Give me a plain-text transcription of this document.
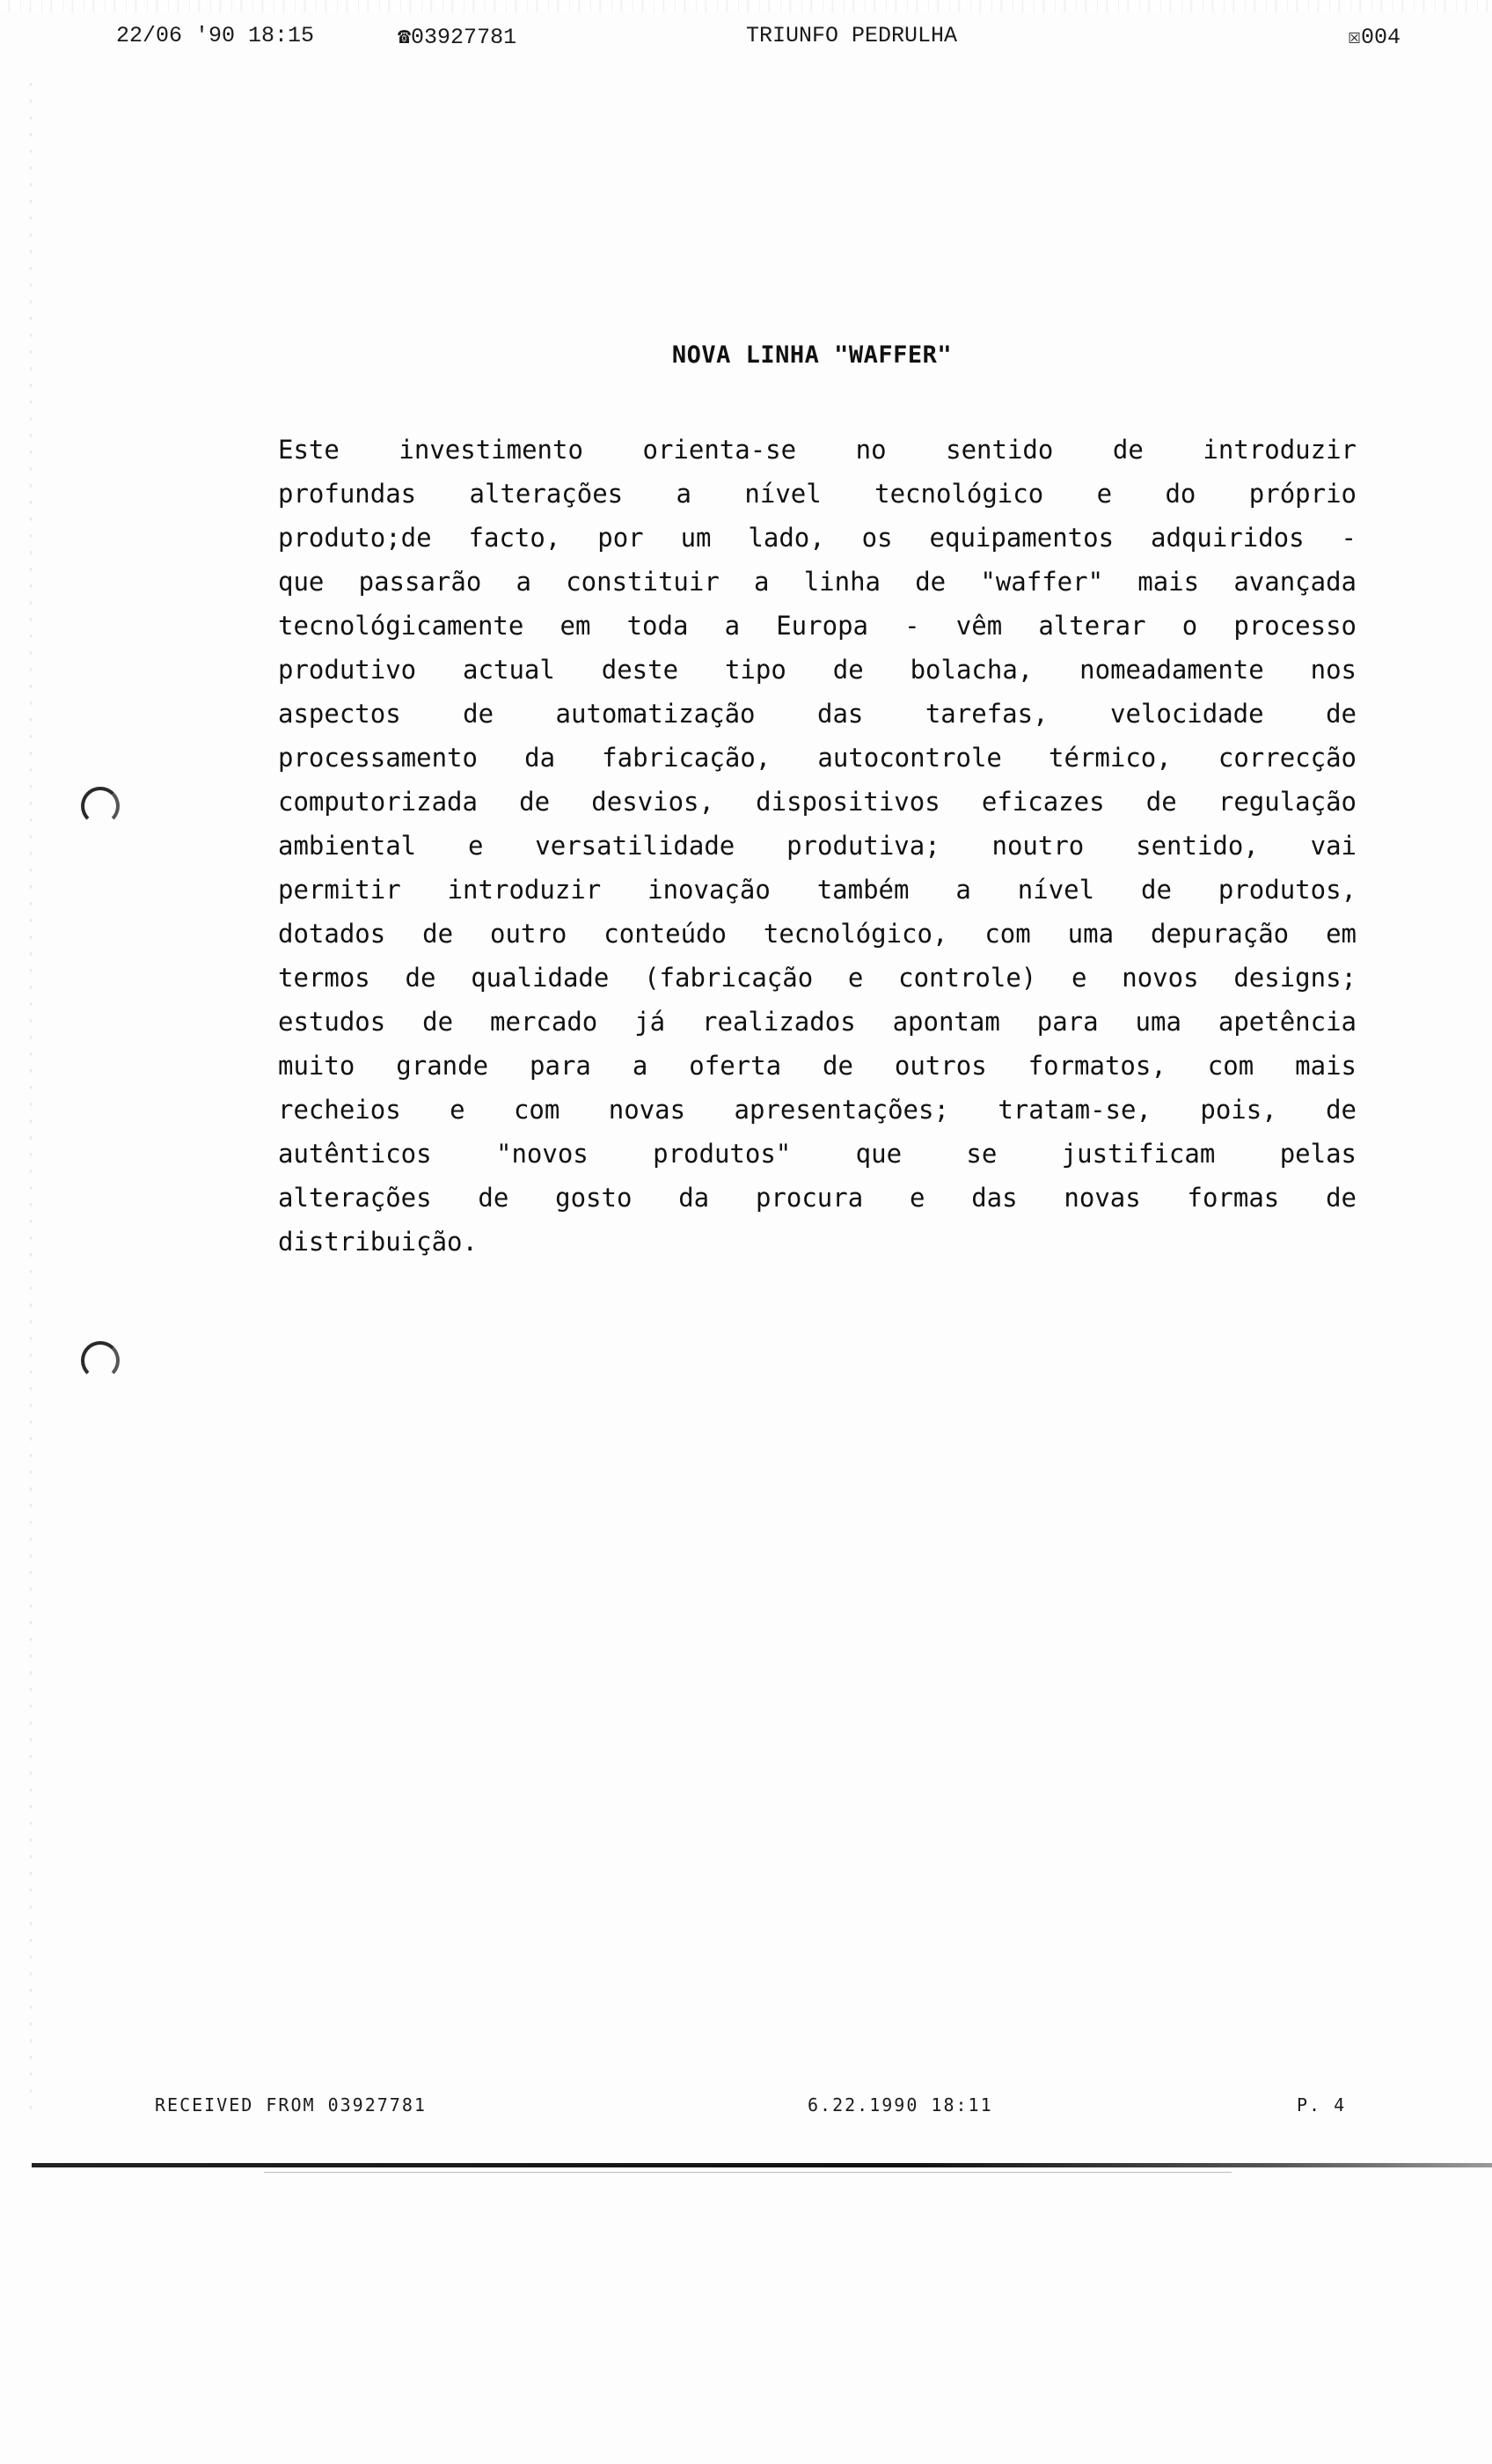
22/06 '90 18:15	☎03927781	TRIUNFO PEDRULHA	☒004
NOVA LINHA "WAFFER"
Este investimento orienta-se no sentido de introduzir
profundas alterações a nível tecnológico e do próprio
produto;de facto, por um lado, os equipamentos adquiridos -
que passarão a constituir a linha de "waffer" mais avançada
tecnológicamente em toda a Europa - vêm alterar o processo
produtivo actual deste tipo de bolacha, nomeadamente nos
aspectos de automatização das tarefas, velocidade de
processamento da fabricação, autocontrole térmico, correcção
computorizada de desvios, dispositivos eficazes de regulação
ambiental e versatilidade produtiva; noutro sentido, vai
permitir introduzir inovação também a nível de produtos,
dotados de outro conteúdo tecnológico, com uma depuração em
termos de qualidade (fabricação e controle) e novos designs;
estudos de mercado já realizados apontam para uma apetência
muito grande para a oferta de outros formatos, com mais
recheios e com novas apresentações; tratam-se, pois, de
autênticos "novos produtos" que se justificam pelas
alterações de gosto da procura e das novas formas de
distribuição.
RECEIVED FROM 03927781	6.22.1990 18:11	P. 4
